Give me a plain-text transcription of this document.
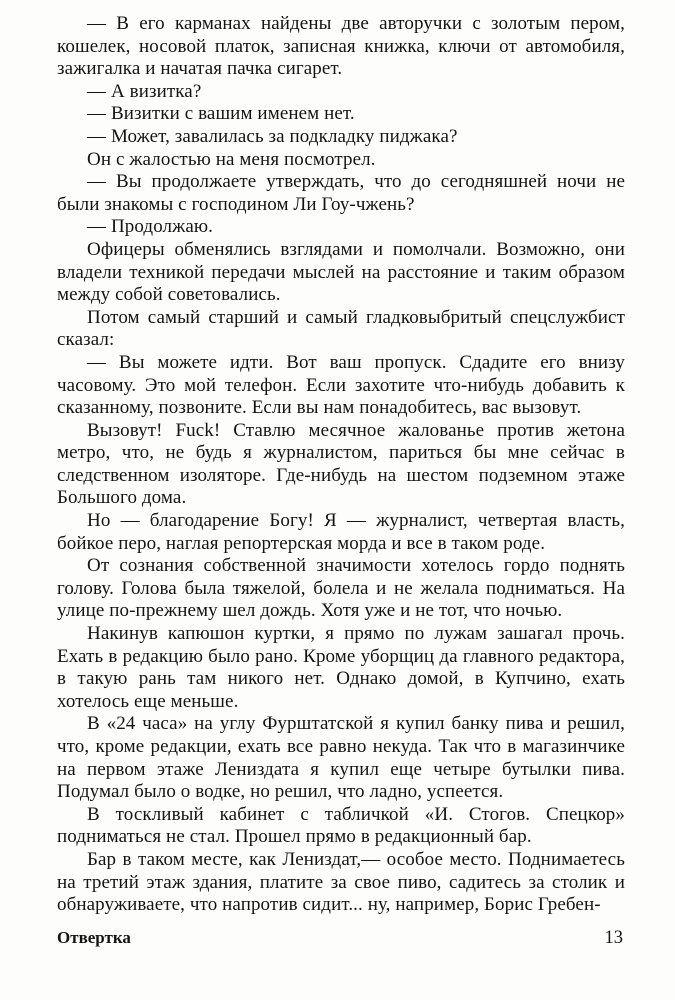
— В его карманах найдены две авторучки с золотым пером, кошелек, носовой платок, записная книжка, ключи от автомобиля, зажигалка и начатая пачка сигарет.

— А визитка?

— Визитки с вашим именем нет.

— Может, завалилась за подкладку пиджака?

Он с жалостью на меня посмотрел.

— Вы продолжаете утверждать, что до сегодняшней ночи не были знакомы с господином Ли Гоу-чжень?

— Продолжаю.

Офицеры обменялись взглядами и помолчали. Возможно, они владели техникой передачи мыслей на расстояние и таким образом между собой советовались.

Потом самый старший и самый гладковыбритый спецслужбист сказал:

— Вы можете идти. Вот ваш пропуск. Сдадите его внизу часовому. Это мой телефон. Если захотите что-нибудь добавить к сказанному, позвоните. Если вы нам понадобитесь, вас вызовут.

Вызовут! Fuck! Ставлю месячное жалованье против жетона метро, что, не будь я журналистом, париться бы мне сейчас в следственном изоляторе. Где-нибудь на шестом подземном этаже Большого дома.

Но — благодарение Богу! Я — журналист, четвертая власть, бойкое перо, наглая репортерская морда и все в таком роде.

От сознания собственной значимости хотелось гордо поднять голову. Голова была тяжелой, болела и не желала подниматься. На улице по-прежнему шел дождь. Хотя уже и не тот, что ночью.

Накинув капюшон куртки, я прямо по лужам зашагал прочь. Ехать в редакцию было рано. Кроме уборщиц да главного редактора, в такую рань там никого нет. Однако домой, в Купчино, ехать хотелось еще меньше.

В «24 часа» на углу Фурштатской я купил банку пива и решил, что, кроме редакции, ехать все равно некуда. Так что в магазинчике на первом этаже Лениздата я купил еще четыре бутылки пива. Подумал было о водке, но решил, что ладно, успеется.

В тоскливый кабинет с табличкой «И. Стогов. Спецкор» подниматься не стал. Прошел прямо в редакционный бар.

Бар в таком месте, как Лениздат,— особое место. Поднимаетесь на третий этаж здания, платите за свое пиво, садитесь за столик и обнаруживаете, что напротив сидит... ну, например, Борис Гребен-

Отвертка	13
